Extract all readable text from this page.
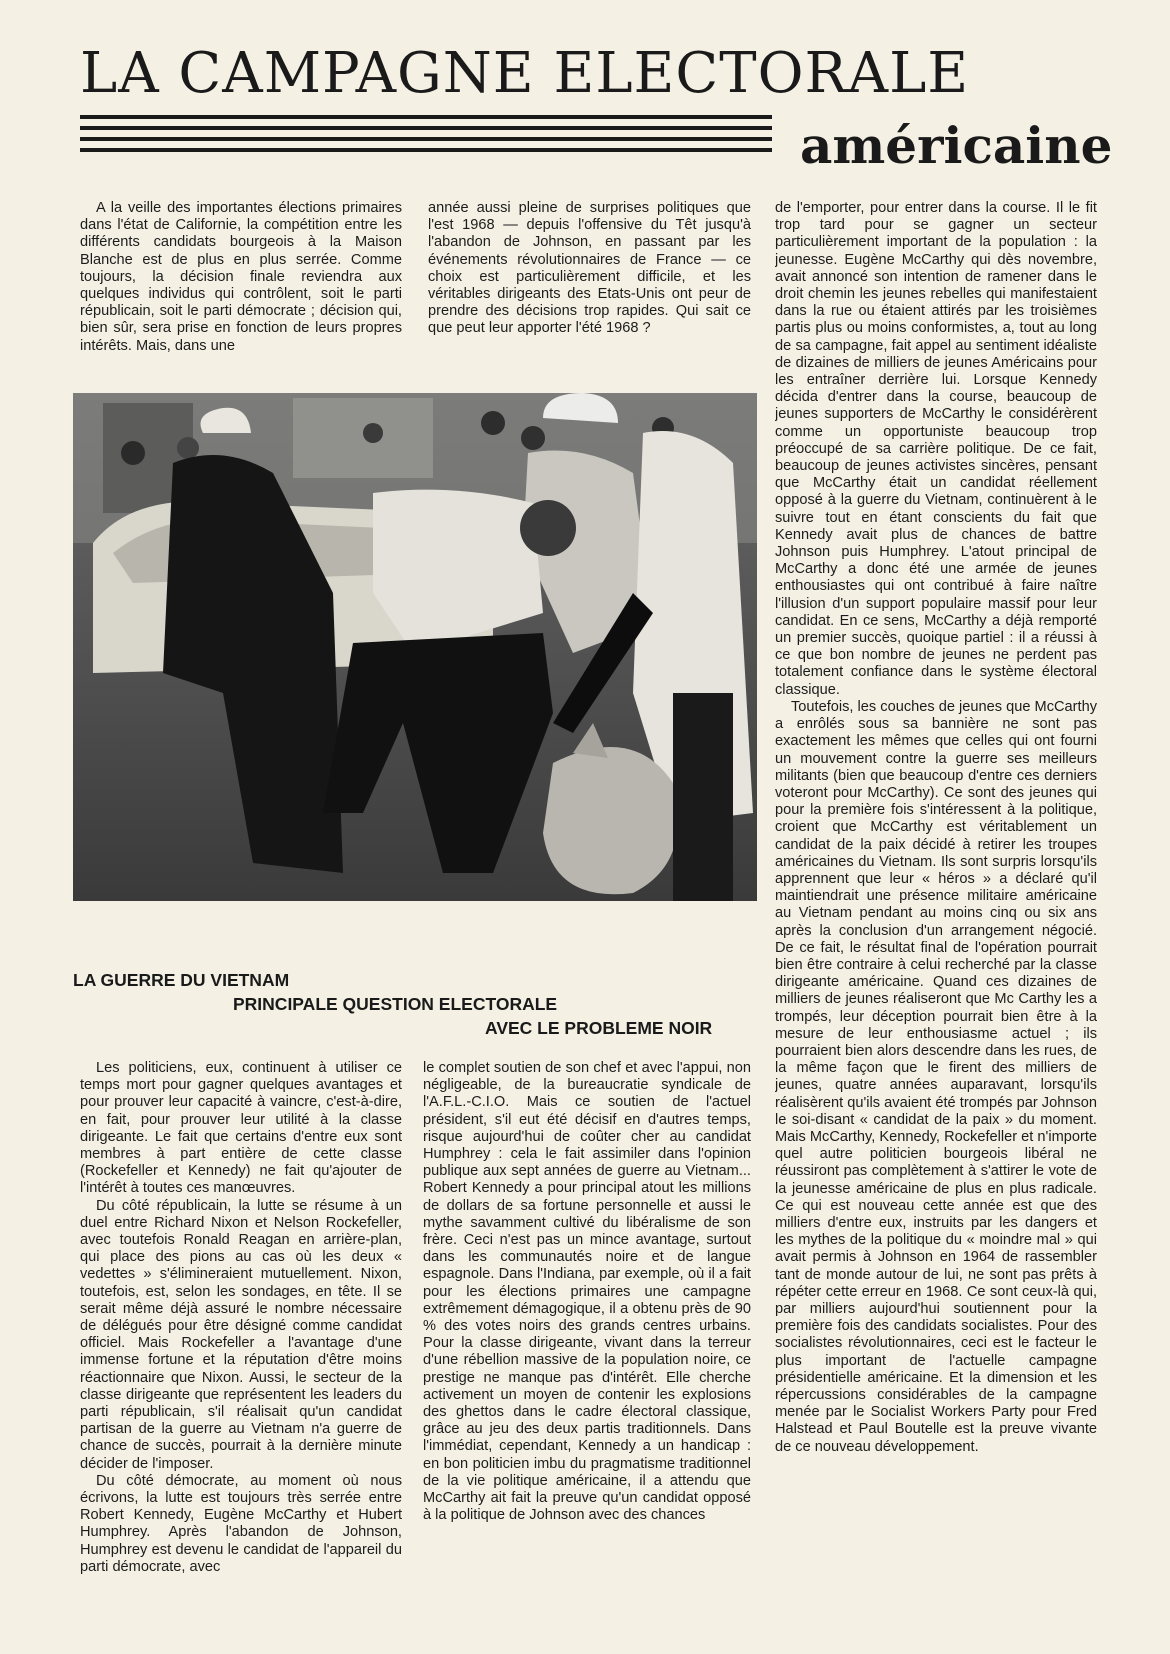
LA CAMPAGNE ELECTORALE
américaine

A la veille des importantes élections primaires dans l'état de Californie, la compétition entre les différents candidats bourgeois à la Maison Blanche est de plus en plus serrée. Comme toujours, la décision finale reviendra aux quelques individus qui contrôlent, soit le parti républicain, soit le parti démocrate ; décision qui, bien sûr, sera prise en fonction de leurs propres intérêts. Mais, dans une

année aussi pleine de surprises politiques que l'est 1968 — depuis l'offensive du Têt jusqu'à l'abandon de Johnson, en passant par les événements révolutionnaires de France — ce choix est particulièrement difficile, et les véritables dirigeants des Etats-Unis ont peur de prendre des décisions trop rapides. Qui sait ce que peut leur apporter l'été 1968 ?

de l'emporter, pour entrer dans la course. Il le fit trop tard pour se gagner un secteur particulièrement important de la population : la jeunesse. Eugène McCarthy qui dès novembre, avait annoncé son intention de ramener dans le droit chemin les jeunes rebelles qui manifestaient dans la rue ou étaient attirés par les troisièmes partis plus ou moins conformistes, a, tout au long de sa campagne, fait appel au sentiment idéaliste de dizaines de milliers de jeunes Américains pour les entraîner derrière lui. Lorsque Kennedy décida d'entrer dans la course, beaucoup de jeunes supporters de McCarthy le considérèrent comme un opportuniste beaucoup trop préoccupé de sa carrière politique. De ce fait, beaucoup de jeunes activistes sincères, pensant que McCarthy était un candidat réellement opposé à la guerre du Vietnam, continuèrent à le suivre tout en étant conscients du fait que Kennedy avait plus de chances de battre Johnson puis Humphrey. L'atout principal de McCarthy a donc été une armée de jeunes enthousiastes qui ont contribué à faire naître l'illusion d'un support populaire massif pour leur candidat. En ce sens, McCarthy a déjà remporté un premier succès, quoique partiel : il a réussi à ce que bon nombre de jeunes ne perdent pas totalement confiance dans le système électoral classique.

Toutefois, les couches de jeunes que McCarthy a enrôlés sous sa bannière ne sont pas exactement les mêmes que celles qui ont fourni un mouvement contre la guerre ses meilleurs militants (bien que beaucoup d'entre ces derniers voteront pour McCarthy). Ce sont des jeunes qui pour la première fois s'intéressent à la politique, croient que McCarthy est véritablement un candidat de la paix décidé à retirer les troupes américaines du Vietnam. Ils sont surpris lorsqu'ils apprennent que leur « héros » a déclaré qu'il maintiendrait une présence militaire américaine au Vietnam pendant au moins cinq ou six ans après la conclusion d'un arrangement négocié. De ce fait, le résultat final de l'opération pourrait bien être contraire à celui recherché par la classe dirigeante américaine. Quand ces dizaines de milliers de jeunes réaliseront que Mc Carthy les a trompés, leur déception pourrait bien être à la mesure de leur enthousiasme actuel ; ils pourraient bien alors descendre dans les rues, de la même façon que le firent des milliers de jeunes, quatre années auparavant, lorsqu'ils réalisèrent qu'ils avaient été trompés par Johnson le soi-disant « candidat de la paix » du moment. Mais McCarthy, Kennedy, Rockefeller et n'importe quel autre politicien bourgeois libéral ne réussiront pas complètement à s'attirer le vote de la jeunesse américaine de plus en plus radicale. Ce qui est nouveau cette année est que des milliers d'entre eux, instruits par les dangers et les mythes de la politique du « moindre mal » qui avait permis à Johnson en 1964 de rassembler tant de monde autour de lui, ne sont pas prêts à répéter cette erreur en 1968. Ce sont ceux-là qui, par milliers aujourd'hui soutiennent pour la première fois des candidats socialistes. Pour des socialistes révolutionnaires, ceci est le facteur le plus important de l'actuelle campagne présidentielle américaine. Et la dimension et les répercussions considérables de la campagne menée par le Socialist Workers Party pour Fred Halstead et Paul Boutelle est la preuve vivante de ce nouveau développement.

LA GUERRE DU VIETNAM
PRINCIPALE QUESTION ELECTORALE
AVEC LE PROBLEME NOIR

Les politiciens, eux, continuent à utiliser ce temps mort pour gagner quelques avantages et pour prouver leur capacité à vaincre, c'est-à-dire, en fait, pour prouver leur utilité à la classe dirigeante. Le fait que certains d'entre eux sont membres à part entière de cette classe (Rockefeller et Kennedy) ne fait qu'ajouter de l'intérêt à toutes ces manœuvres.

Du côté républicain, la lutte se résume à un duel entre Richard Nixon et Nelson Rockefeller, avec toutefois Ronald Reagan en arrière-plan, qui place des pions au cas où les deux « vedettes » s'élimineraient mutuellement. Nixon, toutefois, est, selon les sondages, en tête. Il se serait même déjà assuré le nombre nécessaire de délégués pour être désigné comme candidat officiel. Mais Rockefeller a l'avantage d'une immense fortune et la réputation d'être moins réactionnaire que Nixon. Aussi, le secteur de la classe dirigeante que représentent les leaders du parti républicain, s'il réalisait qu'un candidat partisan de la guerre au Vietnam n'a guerre de chance de succès, pourrait à la dernière minute décider de l'imposer.

Du côté démocrate, au moment où nous écrivons, la lutte est toujours très serrée entre Robert Kennedy, Eugène McCarthy et Hubert Humphrey. Après l'abandon de Johnson, Humphrey est devenu le candidat de l'appareil du parti démocrate, avec

le complet soutien de son chef et avec l'appui, non négligeable, de la bureaucratie syndicale de l'A.F.L.-C.I.O. Mais ce soutien de l'actuel président, s'il eut été décisif en d'autres temps, risque aujourd'hui de coûter cher au candidat Humphrey : cela le fait assimiler dans l'opinion publique aux sept années de guerre au Vietnam... Robert Kennedy a pour principal atout les millions de dollars de sa fortune personnelle et aussi le mythe savamment cultivé du libéralisme de son frère. Ceci n'est pas un mince avantage, surtout dans les communautés noire et de langue espagnole. Dans l'Indiana, par exemple, où il a fait pour les élections primaires une campagne extrêmement démagogique, il a obtenu près de 90 % des votes noirs des grands centres urbains. Pour la classe dirigeante, vivant dans la terreur d'une rébellion massive de la population noire, ce prestige ne manque pas d'intérêt. Elle cherche activement un moyen de contenir les explosions des ghettos dans le cadre électoral classique, grâce au jeu des deux partis traditionnels. Dans l'immédiat, cependant, Kennedy a un handicap : en bon politicien imbu du pragmatisme traditionnel de la vie politique américaine, il a attendu que McCarthy ait fait la preuve qu'un candidat opposé à la politique de Johnson avec des chances
